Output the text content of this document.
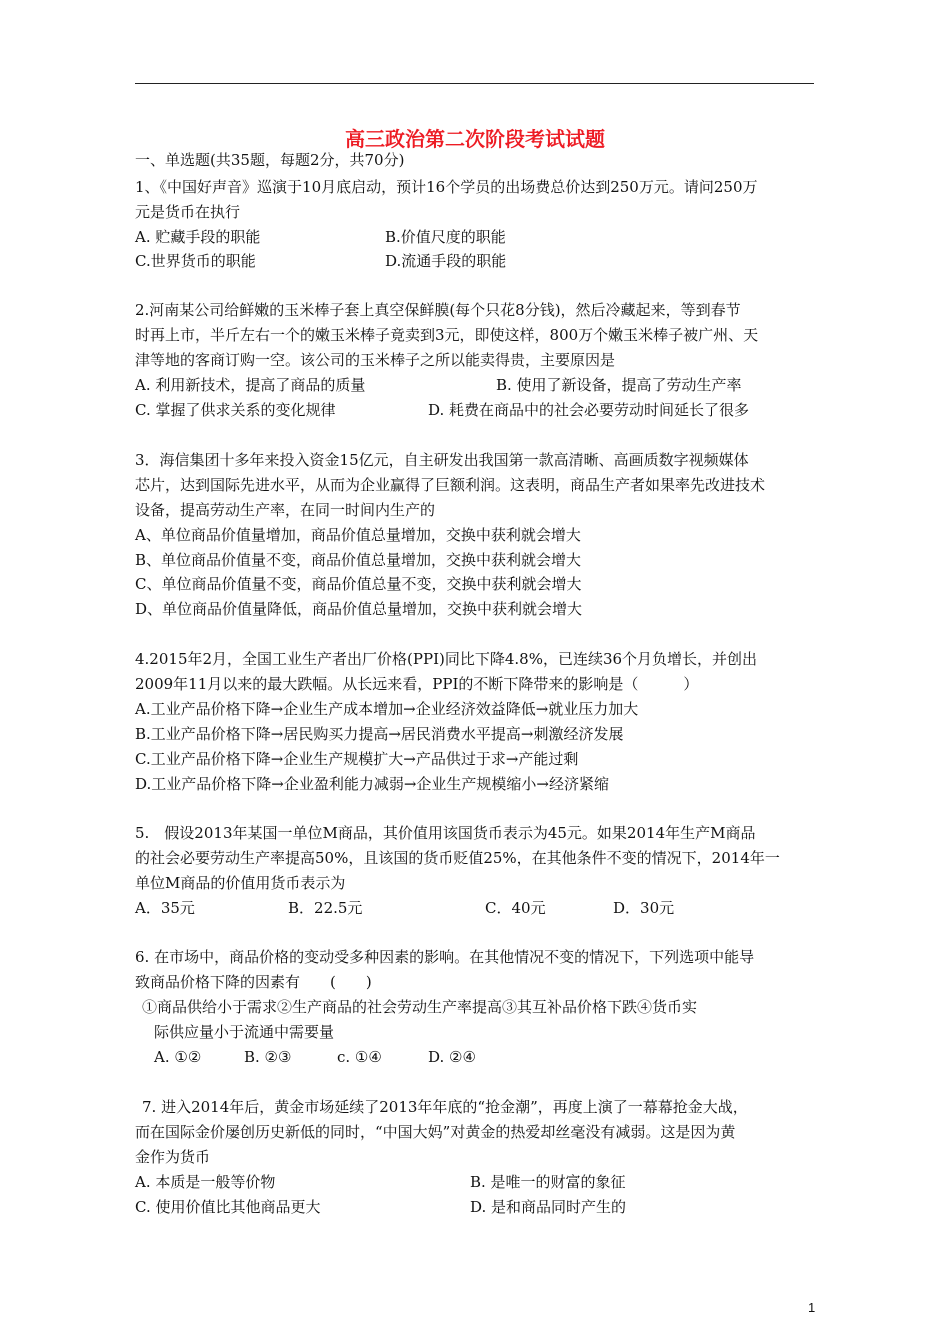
高三政治第二次阶段考试试题
一、单选题(共35题，每题2分，共70分)
1、《中国好声音》巡演于10月底启动，预计16个学员的出场费总价达到250万元。请问250万
元是货币在执行
A. 贮藏手段的职能	B.价值尺度的职能
C.世界货币的职能	D.流通手段的职能
2.河南某公司给鲜嫩的玉米棒子套上真空保鲜膜(每个只花8分钱)，然后冷藏起来，等到春节
时再上市，半斤左右一个的嫩玉米棒子竟卖到3元，即使这样，800万个嫩玉米棒子被广州、天
津等地的客商订购一空。该公司的玉米棒子之所以能卖得贵，主要原因是
A. 利用新技术，提高了商品的质量	B. 使用了新设备，提高了劳动生产率
C. 掌握了供求关系的变化规律	D. 耗费在商品中的社会必要劳动时间延长了很多
3．海信集团十多年来投入资金15亿元，自主研发出我国第一款高清晰、高画质数字视频媒体
芯片，达到国际先进水平，从而为企业赢得了巨额利润。这表明，商品生产者如果率先改进技术
设备，提高劳动生产率，在同一时间内生产的
A、单位商品价值量增加，商品价值总量增加，交换中获利就会增大
B、单位商品价值量不变，商品价值总量增加，交换中获利就会增大
C、单位商品价值量不变，商品价值总量不变，交换中获利就会增大
D、单位商品价值量降低，商品价值总量增加，交换中获利就会增大
4.2015年2月，全国工业生产者出厂价格(PPI)同比下降4.8%，已连续36个月负增长，并创出
2009年11月以来的最大跌幅。从长远来看，PPI的不断下降带来的影响是（　　　）
A.工业产品价格下降→企业生产成本增加→企业经济效益降低→就业压力加大
B.工业产品价格下降→居民购买力提高→居民消费水平提高→刺激经济发展
C.工业产品价格下降→企业生产规模扩大→产品供过于求→产能过剩
D.工业产品价格下降→企业盈利能力减弱→企业生产规模缩小→经济紧缩
5.　假设2013年某国一单位M商品，其价值用该国货币表示为45元。如果2014年生产M商品
的社会必要劳动生产率提高50%，且该国的货币贬值25%，在其他条件不变的情况下，2014年一
单位M商品的价值用货币表示为
A．35元	B．22.5元	C．40元	D．30元
6. 在市场中，商品价格的变动受多种因素的影响。在其他情况不变的情况下，下列选项中能导
致商品价格下降的因素有　　(　　)
①商品供给小于需求②生产商品的社会劳动生产率提高③其互补品价格下跌④货币实
际供应量小于流通中需要量
A. ①②	B. ②③	c. ①④	D. ②④
7. 进入2014年后，黄金市场延续了2013年年底的“抢金潮”，再度上演了一幕幕抢金大战，
而在国际金价屡创历史新低的同时，“中国大妈”对黄金的热爱却丝毫没有减弱。这是因为黄
金作为货币
A. 本质是一般等价物	B. 是唯一的财富的象征
C. 使用价值比其他商品更大	D. 是和商品同时产生的
1
